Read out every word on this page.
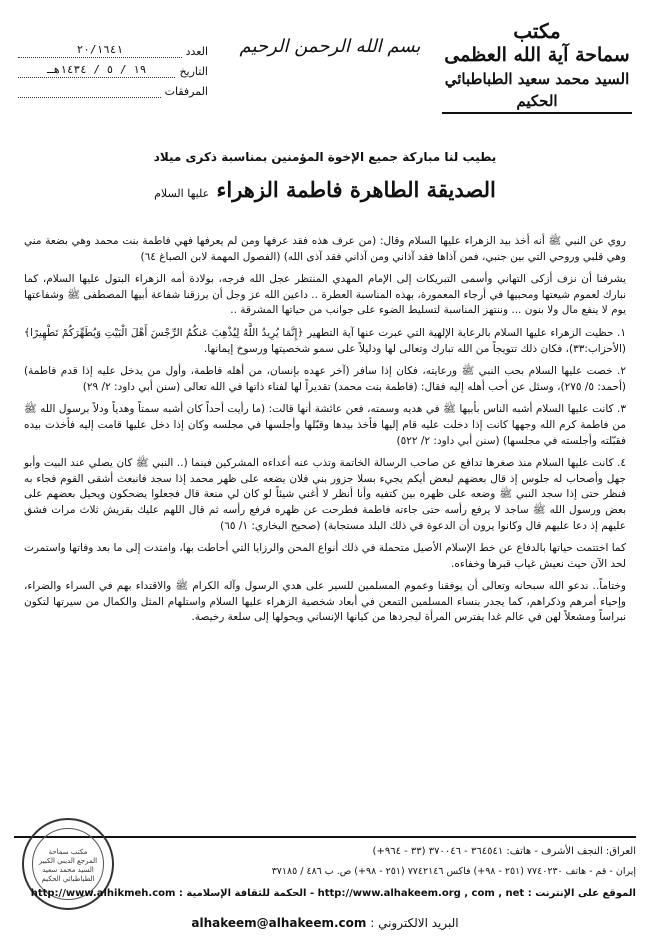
مكتب
سماحة آية الله العظمى
السيد محمد سعيد الطباطبائي الحكيم
بسم الله الرحمن الرحيم
العدد
٢٠/١٦٤١
التاريخ
١٩ / ٥ / ١٤٣٤هـ
المرفقات
يطيب لنا مباركة جميع الإخوة المؤمنين بمناسبة ذكرى ميلاد
الصديقة الطاهرة فاطمة الزهراء عليها السلام

روي عن النبي ﷺ أنه أخذ بيد الزهراء عليها السلام وقال: (من عرف هذه فقد عرفها ومن لم يعرفها فهي فاطمة بنت محمد وهي بضعة مني وهي قلبي وروحي التي بين جنبي، فمن آذاها فقد آذاني ومن آذاني فقد آذى الله) (الفصول المهمة لابن الصباغ ٦٤)

يشرفنا أن نزف أزكى التهاني وأسمى التبريكات إلى الإمام المهدي المنتظر عجل الله فرجه، بولادة أمه الزهراء البتول عليها السلام، كما نبارك لعموم شيعتها ومحبيها في أرجاء المعمورة، بهذه المناسبة العطرة .. داعين الله عز وجل أن يرزقنا شفاعة أبيها المصطفى ﷺ وشفاعتها يوم لا ينفع مال ولا بنون ... وننتهز المناسبة لتسليط الضوء على جوانب من حياتها المشرقة ..

١. حظيت الزهراء عليها السلام بالرعاية الإلهية التي عبرت عنها آية التطهير ﴿إِنَّمَا يُرِيدُ اللَّهُ لِيُذْهِبَ عَنكُمُ الرِّجْسَ أَهْلَ الْبَيْتِ وَيُطَهِّرَكُمْ تَطْهِيرًا﴾ (الأحزاب:٣٣)، فكان ذلك تتويجاً من الله تبارك وتعالى لها ودليلاً على سمو شخصيتها ورسوخ إيمانها.

٢. خصت عليها السلام بحب النبي ﷺ ورعايته، فكان إذا سافر (آخر عهده بإنسان، من أهله فاطمة، وأول من يدخل عليه إذا قدم فاطمة) (أحمد: ٥/ ٢٧٥)، وسئل عن أحب أهله إليه فقال: (فاطمة بنت محمد) تقديراً لها لفناء ذاتها في الله تعالى (سنن أبي داود: ٢/ ٢٩)

٣. كانت عليها السلام أشبه الناس بأبيها ﷺ في هديه وسمته، فعن عائشة أنها قالت: (ما رأيت أحداً كان أشبه سمتاً وهدياً ودلاً برسول الله ﷺ من فاطمة كرم الله وجهها كانت إذا دخلت عليه قام إليها فأخذ بيدها وقبّلها وأجلسها في مجلسه وكان إذا دخل عليها قامت إليه فأخذت بيده فقبّلته وأجلسته في مجلسها) (سنن أبي داود: ٢/ ٥٢٢)

٤. كانت عليها السلام منذ صغرها تدافع عن صاحب الرسالة الخاتمة وتذب عنه أعداءه المشركين فينما (.. النبي ﷺ كان يصلي عند البيت وأبو جهل وأصحاب له جلوس إذ قال بعضهم لبعض أيكم يجيء بسلا جزور بني فلان يضعه على ظهر محمد إذا سجد فانبعث أشقى القوم فجاء به فنظر حتى إذا سجد النبي ﷺ وضعه على ظهره بين كتفيه وأنا أنظر لا أغني شيئاً لو كان لي منعة قال فجعلوا يضحكون ويحيل بعضهم على بعض ورسول الله ﷺ ساجد لا يرفع رأسه حتى جاءته فاطمة فطرحت عن ظهره فرفع رأسه ثم قال اللهم عليك بقريش ثلاث مرات فشق عليهم إذ دعا عليهم قال وكانوا يرون أن الدعوة في ذلك البلد مستجابة) (صحيح البخاري: ١/ ٦٥)

كما اختتمت حياتها بالدفاع عن خط الإسلام الأصيل متحملة في ذلك أنواع المحن والرزايا التي أحاطت بها، وامتدت إلى ما بعد وفاتها واستمرت لحد الآن حيث نعيش غياب قبرها وخفاءه.

وختاماً.. ندعو الله سبحانه وتعالى أن يوفقنا وعموم المسلمين للسير على هدي الرسول وآله الكرام ﷺ والاقتداء بهم في السراء والضراء، وإحياء أمرهم وذكراهم، كما يجدر بنساء المسلمين التمعن في أبعاد شخصية الزهراء عليها السلام واستلهام المثل والكمال من سيرتها لتكون نبراساً ومشعلاً لهن في عالم غدا يفترس المرأة ليجردها من كيانها الإنساني ويحولها إلى سلعة رخيصة.

مكتب سماحة المرجع الديني الكبير السيد محمد سعيد الطباطبائي الحكيم
العراق: النجف الأشرف - هاتف: ٣٦٤٥٤١ - ٣٧٠٠٤٦ (٣٣ - ٩٦٤+)
إيران - قم - هاتف ٧٧٤٠٢٣٠ (٢٥١ - ٩٨+) فاكس ٧٧٤٢١٤٦ (٢٥١ - ٩٨+) ص. ب ٤٨٦ / ٣٧١٨٥
الموقع على الإنترنت : http://www.alhakeem.org , com , net - الحكمة للثقافة الإسلامية : http://www.alhikmeh.com
البريد الالكتروني : alhakeem@alhakeem.com
